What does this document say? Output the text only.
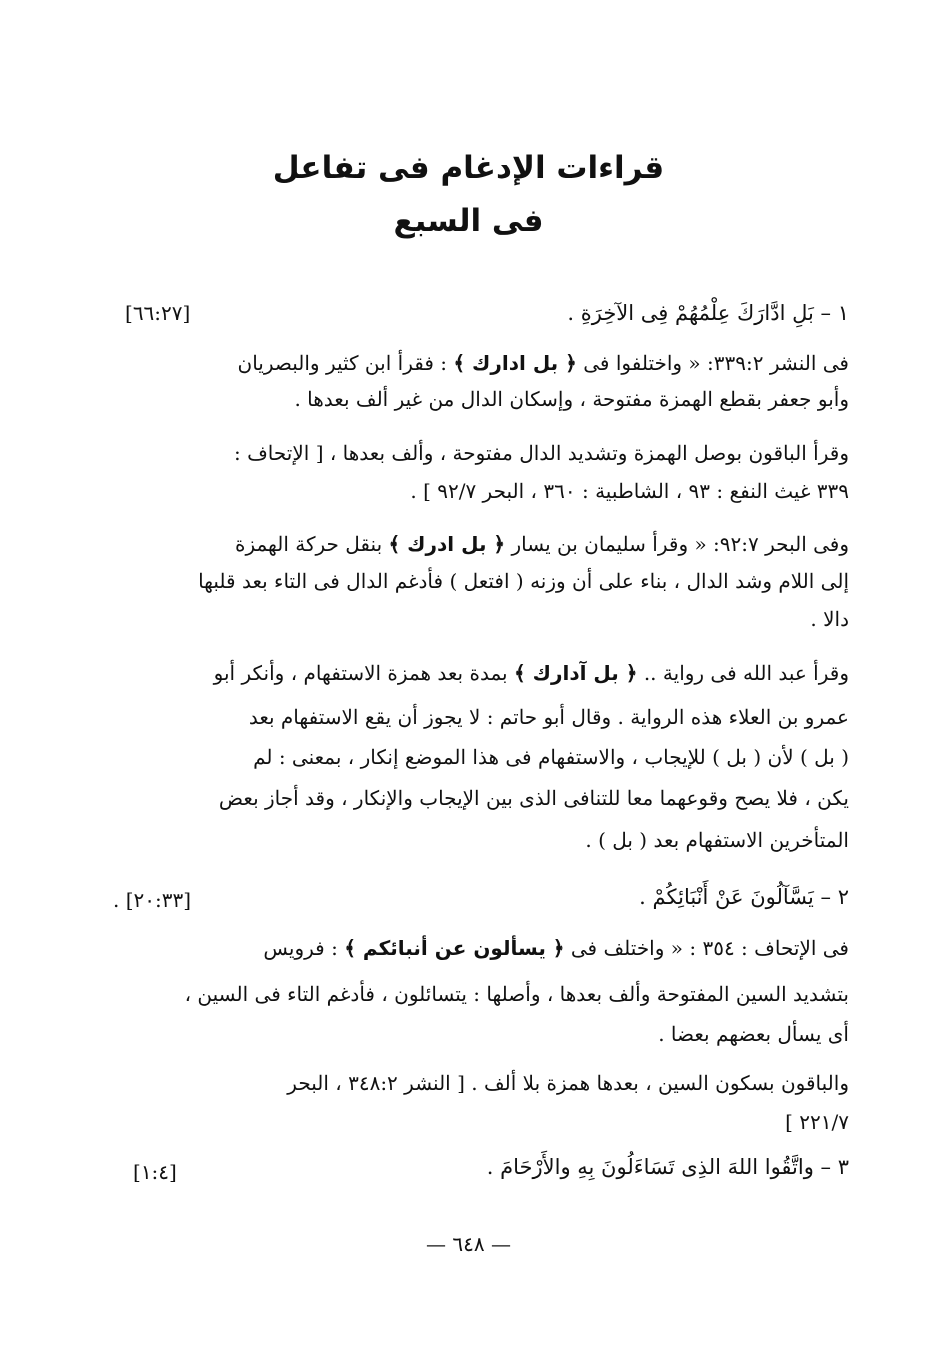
قراءات الإدغام فى تفاعل
فى السبع

١ – بَلِ ادَّارَكَ عِلْمُهُمْ فِى الآخِرَةِ .

[٦٦:٢٧]

فى النشر ٣٣٩:٢: « واختلفوا فى ﴿ بل ادارك ﴾ : فقرأ ابن كثير والبصريان

وأبو جعفر بقطع الهمزة مفتوحة ، وإسكان الدال من غير ألف بعدها .

وقرأ الباقون بوصل الهمزة وتشديد الدال مفتوحة ، وألف بعدها ، [ الإتحاف :

٣٣٩ غيث النفع : ٩٣ ، الشاطبية : ٣٦٠ ، البحر ٩٢/٧ ] .

وفى البحر ٩٢:٧: « وقرأ سليمان بن يسار ﴿ بل ادرك ﴾ بنقل حركة الهمزة

إلى اللام وشد الدال ، بناء على أن وزنه ( افتعل ) فأدغم الدال فى التاء بعد قلبها

دالا .

وقرأ عبد الله فى رواية .. ﴿ بل آدارك ﴾ بمدة بعد همزة الاستفهام ، وأنكر أبو

عمرو بن العلاء هذه الرواية . وقال أبو حاتم : لا يجوز أن يقع الاستفهام بعد

( بل ) لأن ( بل ) للإيجاب ، والاستفهام فى هذا الموضع إنكار ، بمعنى : لم

يكن ، فلا يصح وقوعهما معا للتنافى الذى بين الإيجاب والإنكار ، وقد أجاز بعض

المتأخرين الاستفهام بعد ( بل ) .

٢ – يَسَّآلُونَ عَنْ أَنْبَائِكُمْ .

. [٢٠:٣٣]

فى الإتحاف : ٣٥٤ : « واختلف فى ﴿ يسألون عن أنبائكم ﴾ : فرويس

بتشديد السين المفتوحة وألف بعدها ، وأصلها : يتسائلون ، فأدغم التاء فى السين ،

أى يسأل بعضهم بعضا .

والباقون بسكون السين ، بعدها همزة بلا ألف . [ النشر ٣٤٨:٢ ، البحر

٢٢١/٧ ]

٣ – واتَّقُوا اللهَ الذِى تَسَاءَلُونَ بِهِ والأَرْحَامَ .

[١:٤]

— ٦٤٨ —
